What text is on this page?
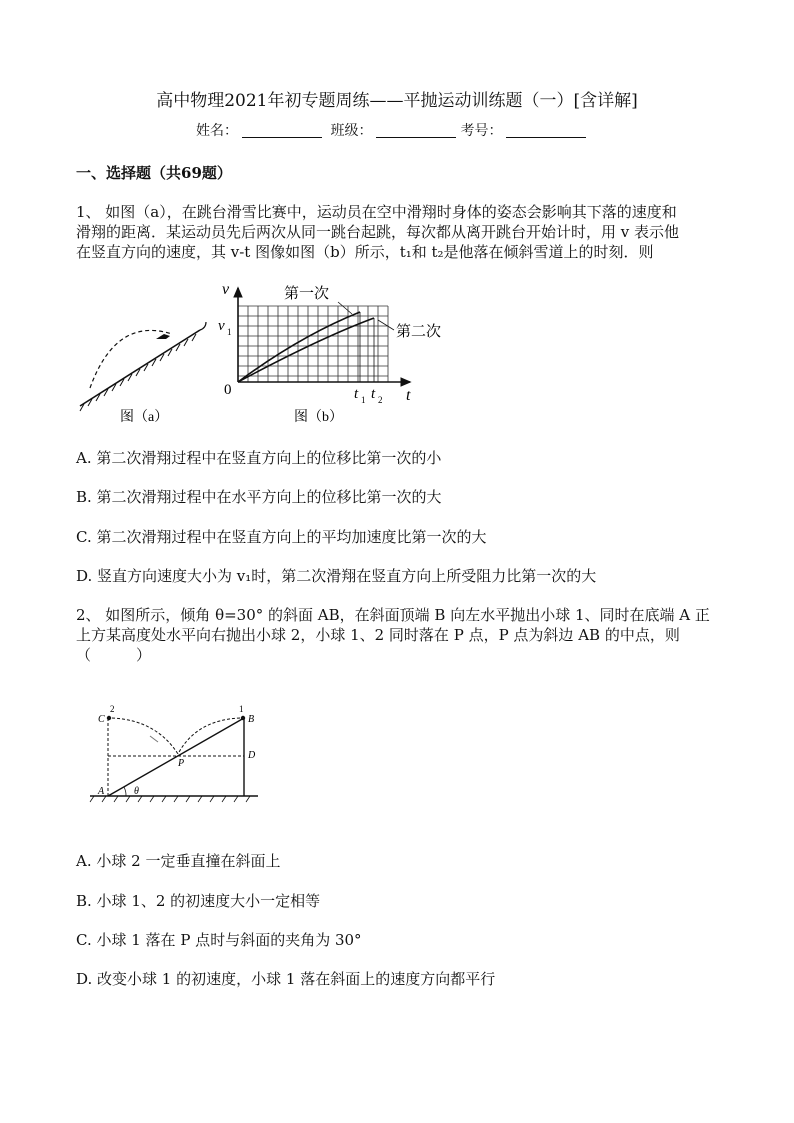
高中物理2021年初专题周练——平抛运动训练题（一）[含详解]
姓名：	班级：	考号：
一、选择题（共69题）
1、 如图（a），在跳台滑雪比赛中，运动员在空中滑翔时身体的姿态会影响其下落的速度和
滑翔的距离．某运动员先后两次从同一跳台起跳，每次都从离开跳台开始计时，用 v 表示他
在竖直方向的速度，其 v-t 图像如图（b）所示，t₁和 t₂是他落在倾斜雪道上的时刻．则
图（a）
第一次
第二次
v
t
0
v 1
t 1 t 2
图（b）
A. 第二次滑翔过程中在竖直方向上的位移比第一次的小
B. 第二次滑翔过程中在水平方向上的位移比第一次的大
C. 第二次滑翔过程中在竖直方向上的平均加速度比第一次的大
D. 竖直方向速度大小为 v₁时，第二次滑翔在竖直方向上所受阻力比第一次的大
2、 如图所示，倾角 θ=30° 的斜面 AB，在斜面顶端 B 向左水平抛出小球 1、同时在底端 A 正
上方某高度处水平向右抛出小球 2，小球 1、2 同时落在 P 点，P 点为斜边 AB 的中点，则
（　　　）
C
2	1
B
D
P
A	θ
A. 小球 2 一定垂直撞在斜面上
B. 小球 1、2 的初速度大小一定相等
C. 小球 1 落在 P 点时与斜面的夹角为 30°
D. 改变小球 1 的初速度，小球 1 落在斜面上的速度方向都平行
